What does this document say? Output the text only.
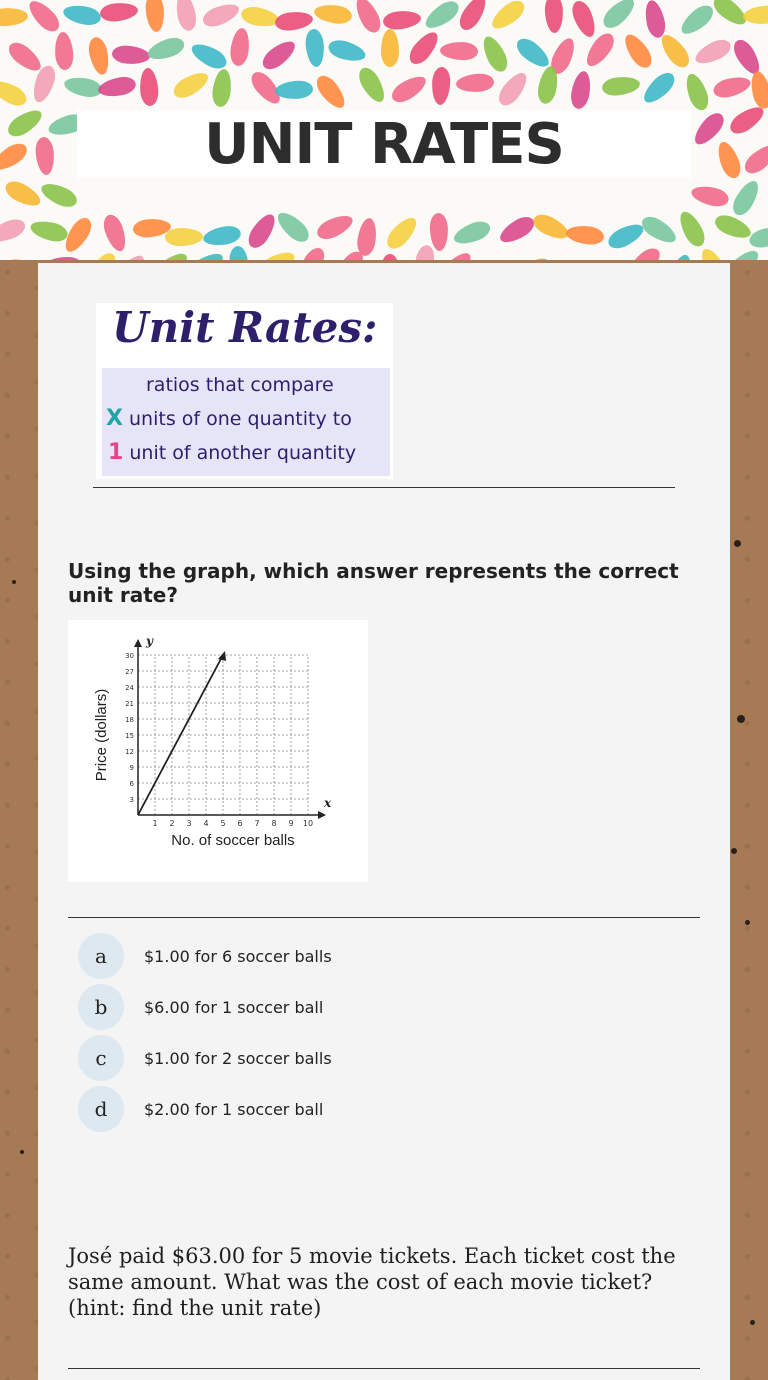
UNIT RATES
Unit Rates:
ratios that compare
X units of one quantity to
1 unit of another quantity
Using the graph, which answer represents the correct unit rate?
1 2 3 4 5 6 7 8 9 10
3
6
9
12
15
18
21
24
27
30
x
y
No. of soccer balls
Price (dollars)
a	$1.00 for 6 soccer balls
b	$6.00 for 1 soccer ball
c	$1.00 for 2 soccer balls
d	$2.00 for 1 soccer ball
José paid $63.00 for 5 movie tickets. Each ticket cost the same amount. What was the cost of each movie ticket?
(hint: find the unit rate)
